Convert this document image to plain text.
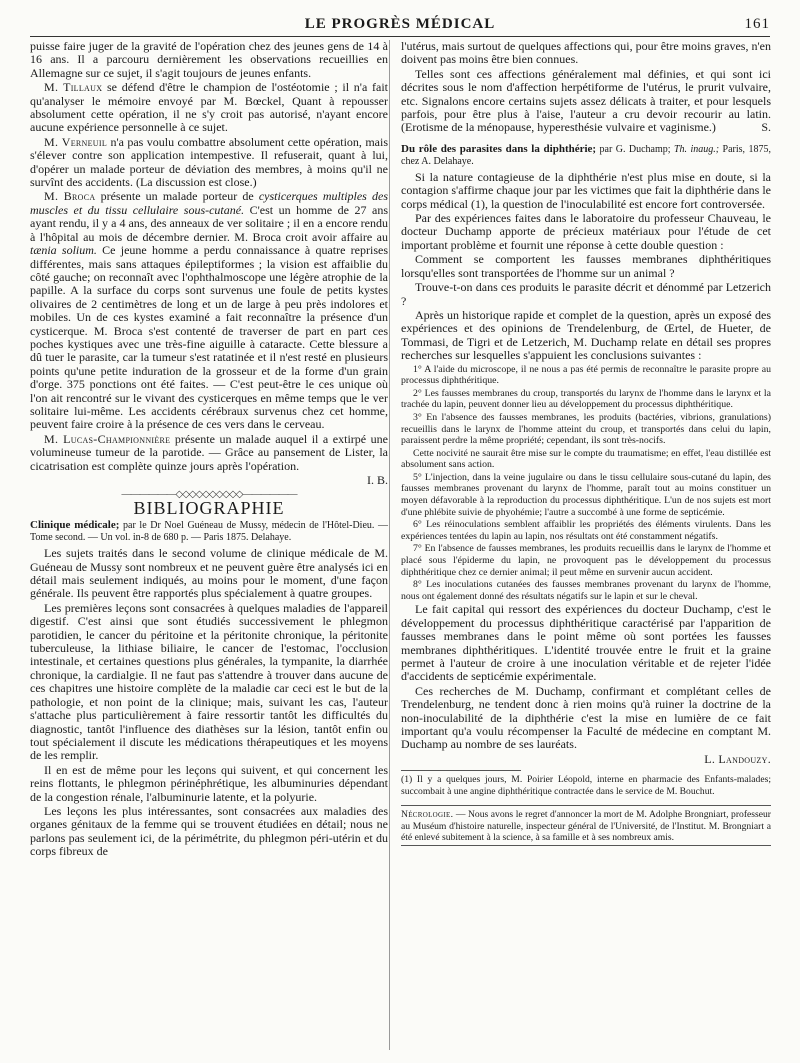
LE PROGRÈS MÉDICAL	161

puisse faire juger de la gravité de l'opération chez des jeunes gens de 14 à 16 ans. Il a parcouru dernièrement les observations recueillies en Allemagne sur ce sujet, il s'agit toujours de jeunes enfants.

M. Tillaux se défend d'être le champion de l'ostéotomie ; il n'a fait qu'analyser le mémoire envoyé par M. Bœckel, Quant à repousser absolument cette opération, il ne s'y croit pas autorisé, n'ayant encore aucune expérience personnelle à ce sujet.

M. Verneuil n'a pas voulu combattre absolument cette opération, mais s'élever contre son application intempestive. Il refuserait, quant à lui, d'opérer un malade porteur de déviation des membres, à moins qu'il ne survînt des accidents. (La discussion est close.)

M. Broca présente un malade porteur de cysticerques multiples des muscles et du tissu cellulaire sous-cutané. C'est un homme de 27 ans ayant rendu, il y a 4 ans, des anneaux de ver solitaire ; il en a encore rendu à l'hôpital au mois de décembre dernier. M. Broca croit avoir affaire au tænia solium. Ce jeune homme a perdu connaissance à quatre reprises différentes, mais sans attaques épileptiformes ; la vision est affaiblie du côté gauche; on reconnaît avec l'ophthalmoscope une légère atrophie de la papille. A la surface du corps sont survenus une foule de petits kystes olivaires de 2 centimètres de long et un de large à peu près indolores et mobiles. Un de ces kystes examiné a fait reconnaître la présence d'un cysticerque. M. Broca s'est contenté de traverser de part en part ces poches kystiques avec une très-fine aiguille à cataracte. Cette blessure a dû tuer le parasite, car la tumeur s'est ratatinée et il n'est resté en plusieurs points qu'une petite induration de la grosseur et de la forme d'un grain d'orge. 375 ponctions ont été faites. — C'est peut-être le ces unique où l'on ait rencontré sur le vivant des cysticerques en même temps que le ver solitaire lui-même. Les accidents cérébraux survenus chez cet homme, peuvent faire croire à la présence de ces vers dans le cerveau.

M. Lucas-Championnière présente un malade auquel il a extirpé une volumineuse tumeur de la parotide. — Grâce au pansement de Lister, la cicatrisation est complète quinze jours après l'opération.

I. B.
——————◇◇◇◇◇◇◇◇◇◇——————
BIBLIOGRAPHIE

Clinique médicale; par le Dr Noel Guéneau de Mussy, médecin de l'Hôtel-Dieu. — Tome second. — Un vol. in-8 de 680 p. — Paris 1875. Delahaye.

Les sujets traités dans le second volume de clinique médicale de M. Guéneau de Mussy sont nombreux et ne peuvent guère être analysés ici en détail mais seulement indiqués, au moins pour le moment, d'une façon générale. Ils peuvent être rapportés plus spécialement à quatre groupes.

Les premières leçons sont consacrées à quelques maladies de l'appareil digestif. C'est ainsi que sont étudiés successivement le phlegmon parotidien, le cancer du péritoine et la péritonite chronique, la péritonite tuberculeuse, la lithiase biliaire, le cancer de l'estomac, l'occlusion intestinale, et certaines questions plus générales, la tympanite, la diarrhée chronique, la cardialgie. Il ne faut pas s'attendre à trouver dans aucune de ces chapitres une histoire complète de la maladie car ceci est le but de la pathologie, et non point de la clinique; mais, suivant les cas, l'auteur s'attache plus particulièrement à faire ressortir tantôt les difficultés du diagnostic, tantôt l'influence des diathèses sur la lésion, tantôt enfin ou tout spécialement il discute les médications thérapeutiques et les moyens de les remplir.

Il en est de même pour les leçons qui suivent, et qui concernent les reins flottants, le phlegmon périnéphrétique, les albuminuries dépendant de la congestion rénale, l'albuminurie latente, et la polyurie.

Les leçons les plus intéressantes, sont consacrées aux maladies des organes génitaux de la femme qui se trouvent étudiées en détail; nous ne parlons pas seulement ici, de la périmétrite, du phlegmon péri-utérin et du corps fibreux de

l'utérus, mais surtout de quelques affections qui, pour être moins graves, n'en doivent pas moins être bien connues.

Telles sont ces affections généralement mal définies, et qui sont ici décrites sous le nom d'affection herpétiforme de l'utérus, le prurit vulvaire, etc. Signalons encore certains sujets assez délicats à traiter, et pour lesquels parfois, pour être plus à l'aise, l'auteur a cru devoir recourir au latin. (Erotisme de la ménopause, hyperesthésie vulvaire et vaginisme.)	S.

Du rôle des parasites dans la diphthérie; par G. Duchamp; Th. inaug.; Paris, 1875, chez A. Delahaye.

Si la nature contagieuse de la diphthérie n'est plus mise en doute, si la contagion s'affirme chaque jour par les victimes que fait la diphthérie dans le corps médical (1), la question de l'inoculabilité est encore fort controversée.

Par des expériences faites dans le laboratoire du professeur Chauveau, le docteur Duchamp apporte de précieux matériaux pour l'étude de cet important problème et fournit une réponse à cette double question :

Comment se comportent les fausses membranes diphthéritiques lorsqu'elles sont transportées de l'homme sur un animal ?

Trouve-t-on dans ces produits le parasite décrit et dénommé par Letzerich ?

Après un historique rapide et complet de la question, après un exposé des expériences et des opinions de Trendelenburg, de Œrtel, de Hueter, de Tommasi, de Tigri et de Letzerich, M. Duchamp relate en détail ses propres recherches sur lesquelles s'appuient les conclusions suivantes :

1° A l'aide du microscope, il ne nous a pas été permis de reconnaître le parasite propre au processus diphthéritique.

2° Les fausses membranes du croup, transportés du larynx de l'homme dans le larynx et la trachée du lapin, peuvent donner lieu au développement du processus diphthéritique.

3° En l'absence des fausses membranes, les produits (bactéries, vibrions, granulations) recueillis dans le larynx de l'homme atteint du croup, et transportés dans celui du lapin, paraissent perdre la même propriété; cependant, ils sont très-nocifs.

Cette nocivité ne saurait être mise sur le compte du traumatisme; en effet, l'eau distillée est absolument sans action.

5° L'injection, dans la veine jugulaire ou dans le tissu cellulaire sous-cutané du lapin, des fausses membranes provenant du larynx de l'homme, paraît tout au moins constituer un moyen défavorable à la reproduction du processus diphthéritique. L'un de nos sujets est mort d'une phlébite suivie de phyohémie; l'autre a succombé à une forme de septicémie.

6° Les réinoculations semblent affaiblir les propriétés des éléments virulents. Dans les expériences tentées du lapin au lapin, nos résultats ont été constamment négatifs.

7° En l'absence de fausses membranes, les produits recueillis dans le larynx de l'homme et placé sous l'épiderme du lapin, ne provoquent pas le développement du processus diphthéritique chez ce dernier animal; il peut même en survenir aucun accident.

8° Les inoculations cutanées des fausses membranes provenant du larynx de l'homme, nous ont également donné des résultats négatifs sur le lapin et sur le cheval.

Le fait capital qui ressort des expériences du docteur Duchamp, c'est le développement du processus diphthéritique caractérisé par l'apparition de fausses membranes dans le point même où sont portées les fausses membranes diphthéritiques. L'identité trouvée entre le fruit et la graine permet à l'auteur de croire à une inoculation véritable et de rejeter l'idée d'accidents de septicémie expérimentale.

Ces recherches de M. Duchamp, confirmant et complétant celles de Trendelenburg, ne tendent donc à rien moins qu'à ruiner la doctrine de la non-inoculabilité de la diphthérie c'est la mise en lumière de ce fait important qu'a voulu récompenser la Faculté de médecine en comptant M. Duchamp au nombre de ses lauréats.

L. Landouzy.
(1) Il y a quelques jours, M. Poirier Léopold, interne en pharmacie des Enfants-malades; succombait à une angine diphthéritique contractée dans le service de M. Bouchut.
Nécrologie. — Nous avons le regret d'annoncer la mort de M. Adolphe Brongniart, professeur au Muséum d'histoire naturelle, inspecteur général de l'Université, de l'Institut. M. Brongniart a été enlevé subitement à la science, à sa famille et à ses nombreux amis.
